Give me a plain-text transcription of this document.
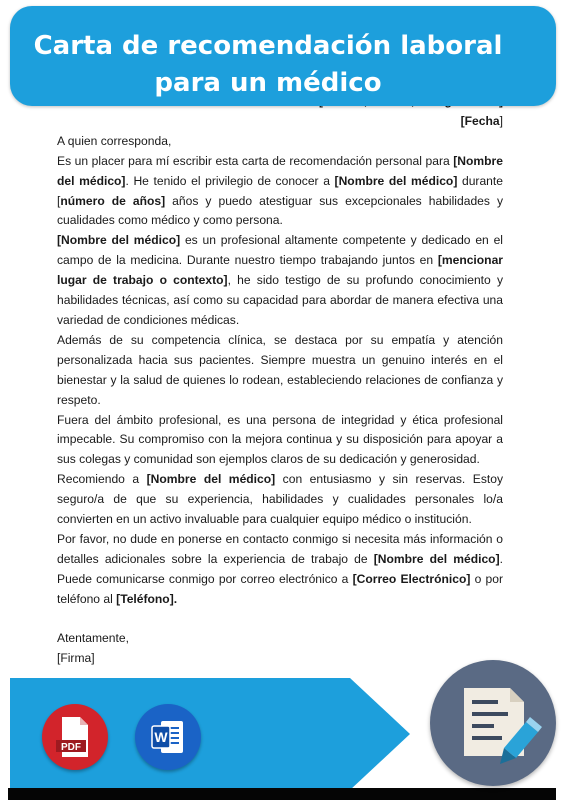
[Fecha]

A quien corresponda,

Es un placer para mí escribir esta carta de recomendación personal para [Nombre del médico]. He tenido el privilegio de conocer a [Nombre del médico] durante [número de años] años y puedo atestiguar sus excepcionales habilidades y cualidades como médico y como persona.

[Nombre del médico] es un profesional altamente competente y dedicado en el campo de la medicina. Durante nuestro tiempo trabajando juntos en [mencionar lugar de trabajo o contexto], he sido testigo de su profundo conocimiento y habilidades técnicas, así como su capacidad para abordar de manera efectiva una variedad de condiciones médicas.

Además de su competencia clínica, se destaca por su empatía y atención personalizada hacia sus pacientes. Siempre muestra un genuino interés en el bienestar y la salud de quienes lo rodean, estableciendo relaciones de confianza y respeto.

Fuera del ámbito profesional, es una persona de integridad y ética profesional impecable. Su compromiso con la mejora continua y su disposición para apoyar a sus colegas y comunidad son ejemplos claros de su dedicación y generosidad.

Recomiendo a [Nombre del médico] con entusiasmo y sin reservas. Estoy seguro/a de que su experiencia, habilidades y cualidades personales lo/a convierten en un activo invaluable para cualquier equipo médico o institución.

Por favor, no dude en ponerse en contacto conmigo si necesita más información o detalles adicionales sobre la experiencia de trabajo de [Nombre del médico]. Puede comunicarse conmigo por correo electrónico a [Correo Electrónico] o por teléfono al [Teléfono].

Atentamente,

[Firma]

Carta de recomendación laboral
para un médico
PDF
W
